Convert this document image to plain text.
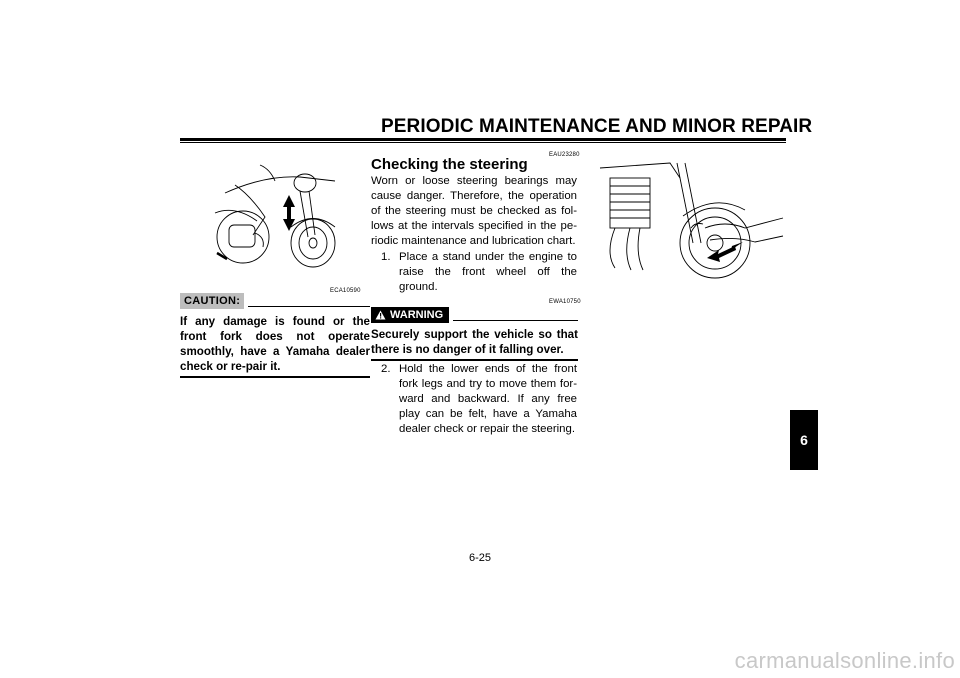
PERIODIC MAINTENANCE AND MINOR REPAIR
ECA10590
CAUTION:
If any damage is found or the front fork does not operate smoothly, have a Yamaha dealer check or re-pair it.
EAU23280
Checking the steering
Worn or loose steering bearings may cause danger. Therefore, the operation of the steering must be checked as fol-lows at the intervals specified in the pe-riodic maintenance and lubrication chart.
1. Place a stand under the engine to raise the front wheel off the ground.
EWA10750
WARNING
Securely support the vehicle so that there is no danger of it falling over.
2. Hold the lower ends of the front fork legs and try to move them for-ward and backward. If any free play can be felt, have a Yamaha dealer check or repair the steering.
6
6-25
carmanualsonline.info
